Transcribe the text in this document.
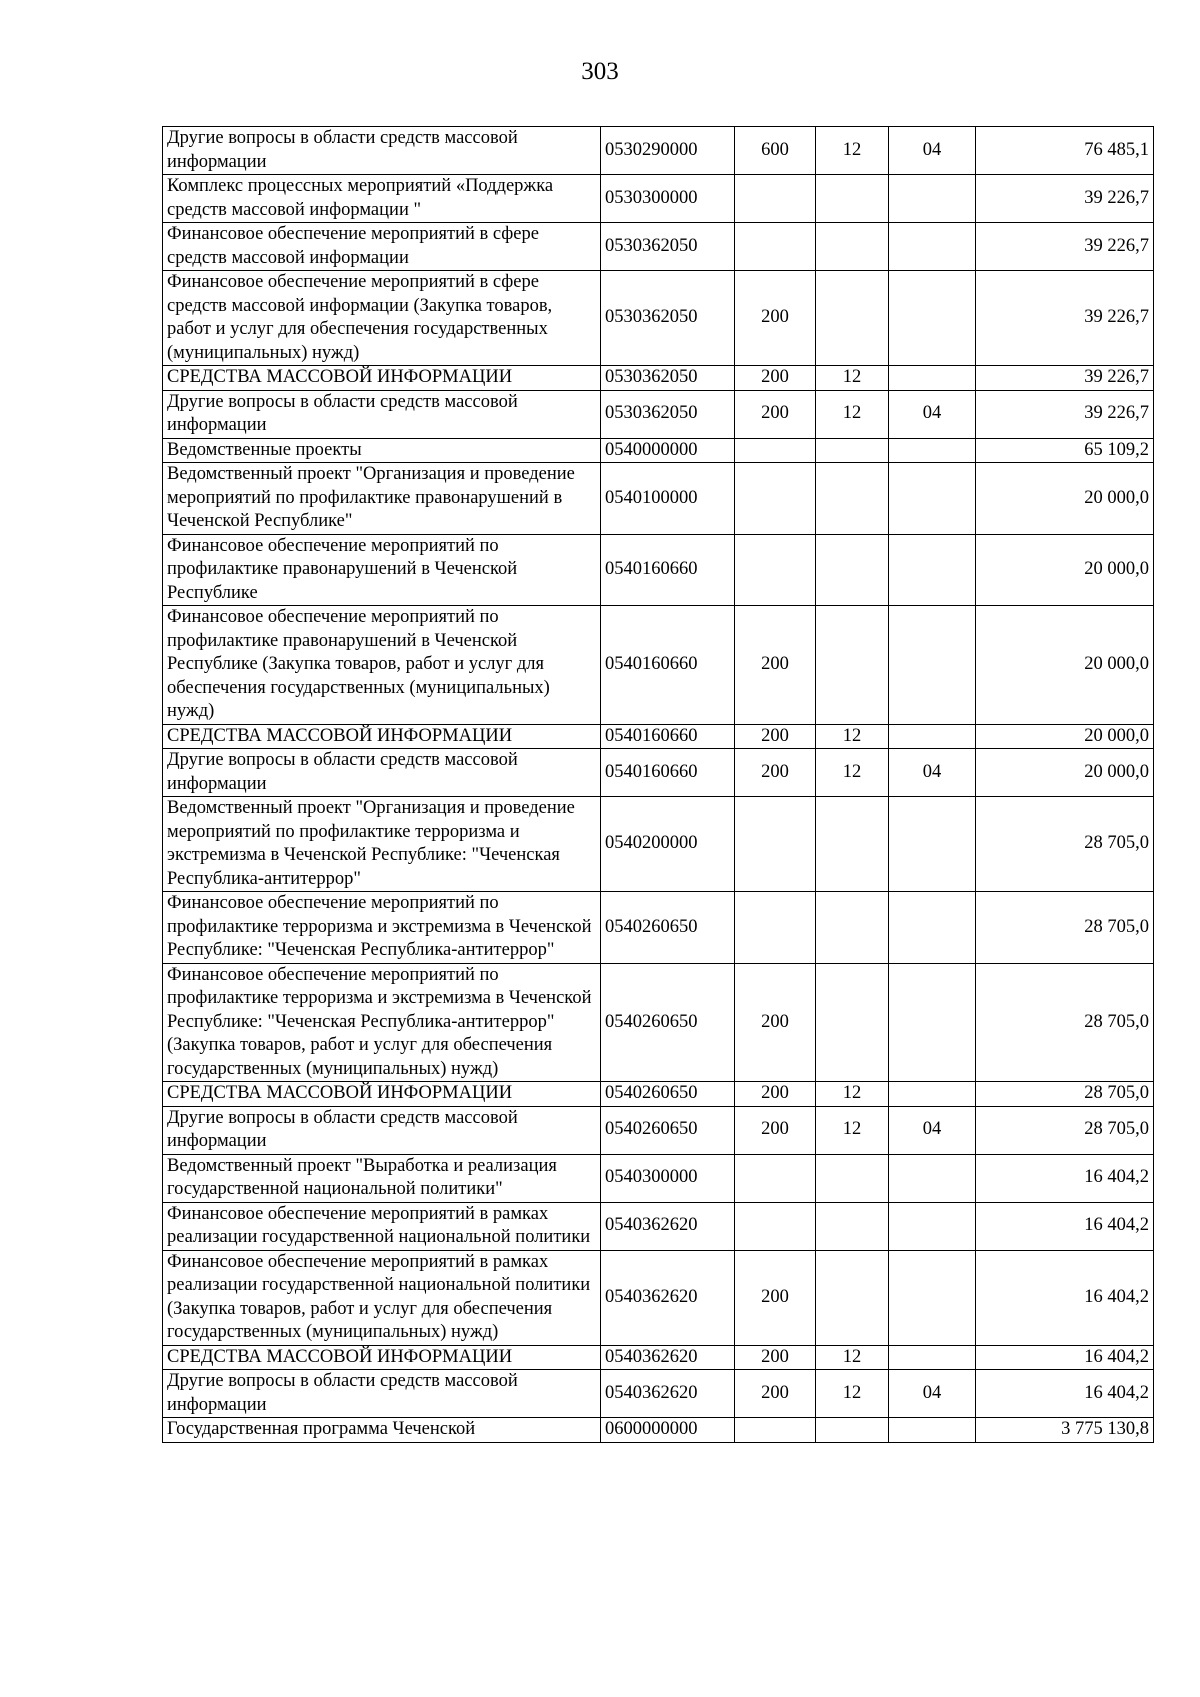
303
Другие вопросы в области средств массовой информации	0530290000	600	12	04	76 485,1
Комплекс процессных мероприятий «Поддержка средств массовой информации "	0530300000				39 226,7
Финансовое обеспечение мероприятий в сфере средств массовой информации	0530362050				39 226,7
Финансовое обеспечение мероприятий в сфере средств массовой информации (Закупка товаров, работ и услуг для обеспечения государственных (муниципальных) нужд)	0530362050	200			39 226,7
СРЕДСТВА МАССОВОЙ ИНФОРМАЦИИ	0530362050	200	12		39 226,7
Другие вопросы в области средств массовой информации	0530362050	200	12	04	39 226,7
Ведомственные проекты	0540000000				65 109,2
Ведомственный проект "Организация и проведение мероприятий по профилактике правонарушений в Чеченской Республике"	0540100000				20 000,0
Финансовое обеспечение мероприятий по профилактике правонарушений в Чеченской Республике	0540160660				20 000,0
Финансовое обеспечение мероприятий по профилактике правонарушений в Чеченской Республике (Закупка товаров, работ и услуг для обеспечения государственных (муниципальных) нужд)	0540160660	200			20 000,0
СРЕДСТВА МАССОВОЙ ИНФОРМАЦИИ	0540160660	200	12		20 000,0
Другие вопросы в области средств массовой информации	0540160660	200	12	04	20 000,0
Ведомственный проект "Организация и проведение мероприятий по профилактике терроризма и экстремизма в Чеченской Республике: "Чеченская Республика-антитеррор"	0540200000				28 705,0
Финансовое обеспечение мероприятий по профилактике терроризма и экстремизма в Чеченской Республике: "Чеченская Республика-антитеррор"	0540260650				28 705,0
Финансовое обеспечение мероприятий по профилактике терроризма и экстремизма в Чеченской Республике: "Чеченская Республика-антитеррор" (Закупка товаров, работ и услуг для обеспечения государственных (муниципальных) нужд)	0540260650	200			28 705,0
СРЕДСТВА МАССОВОЙ ИНФОРМАЦИИ	0540260650	200	12		28 705,0
Другие вопросы в области средств массовой информации	0540260650	200	12	04	28 705,0
Ведомственный проект "Выработка и реализация государственной национальной политики"	0540300000				16 404,2
Финансовое обеспечение мероприятий в рамках реализации государственной национальной политики	0540362620				16 404,2
Финансовое обеспечение мероприятий в рамках реализации государственной национальной политики (Закупка товаров, работ и услуг для обеспечения государственных (муниципальных) нужд)	0540362620	200			16 404,2
СРЕДСТВА МАССОВОЙ ИНФОРМАЦИИ	0540362620	200	12		16 404,2
Другие вопросы в области средств массовой информации	0540362620	200	12	04	16 404,2
Государственная программа Чеченской	0600000000				3 775 130,8
